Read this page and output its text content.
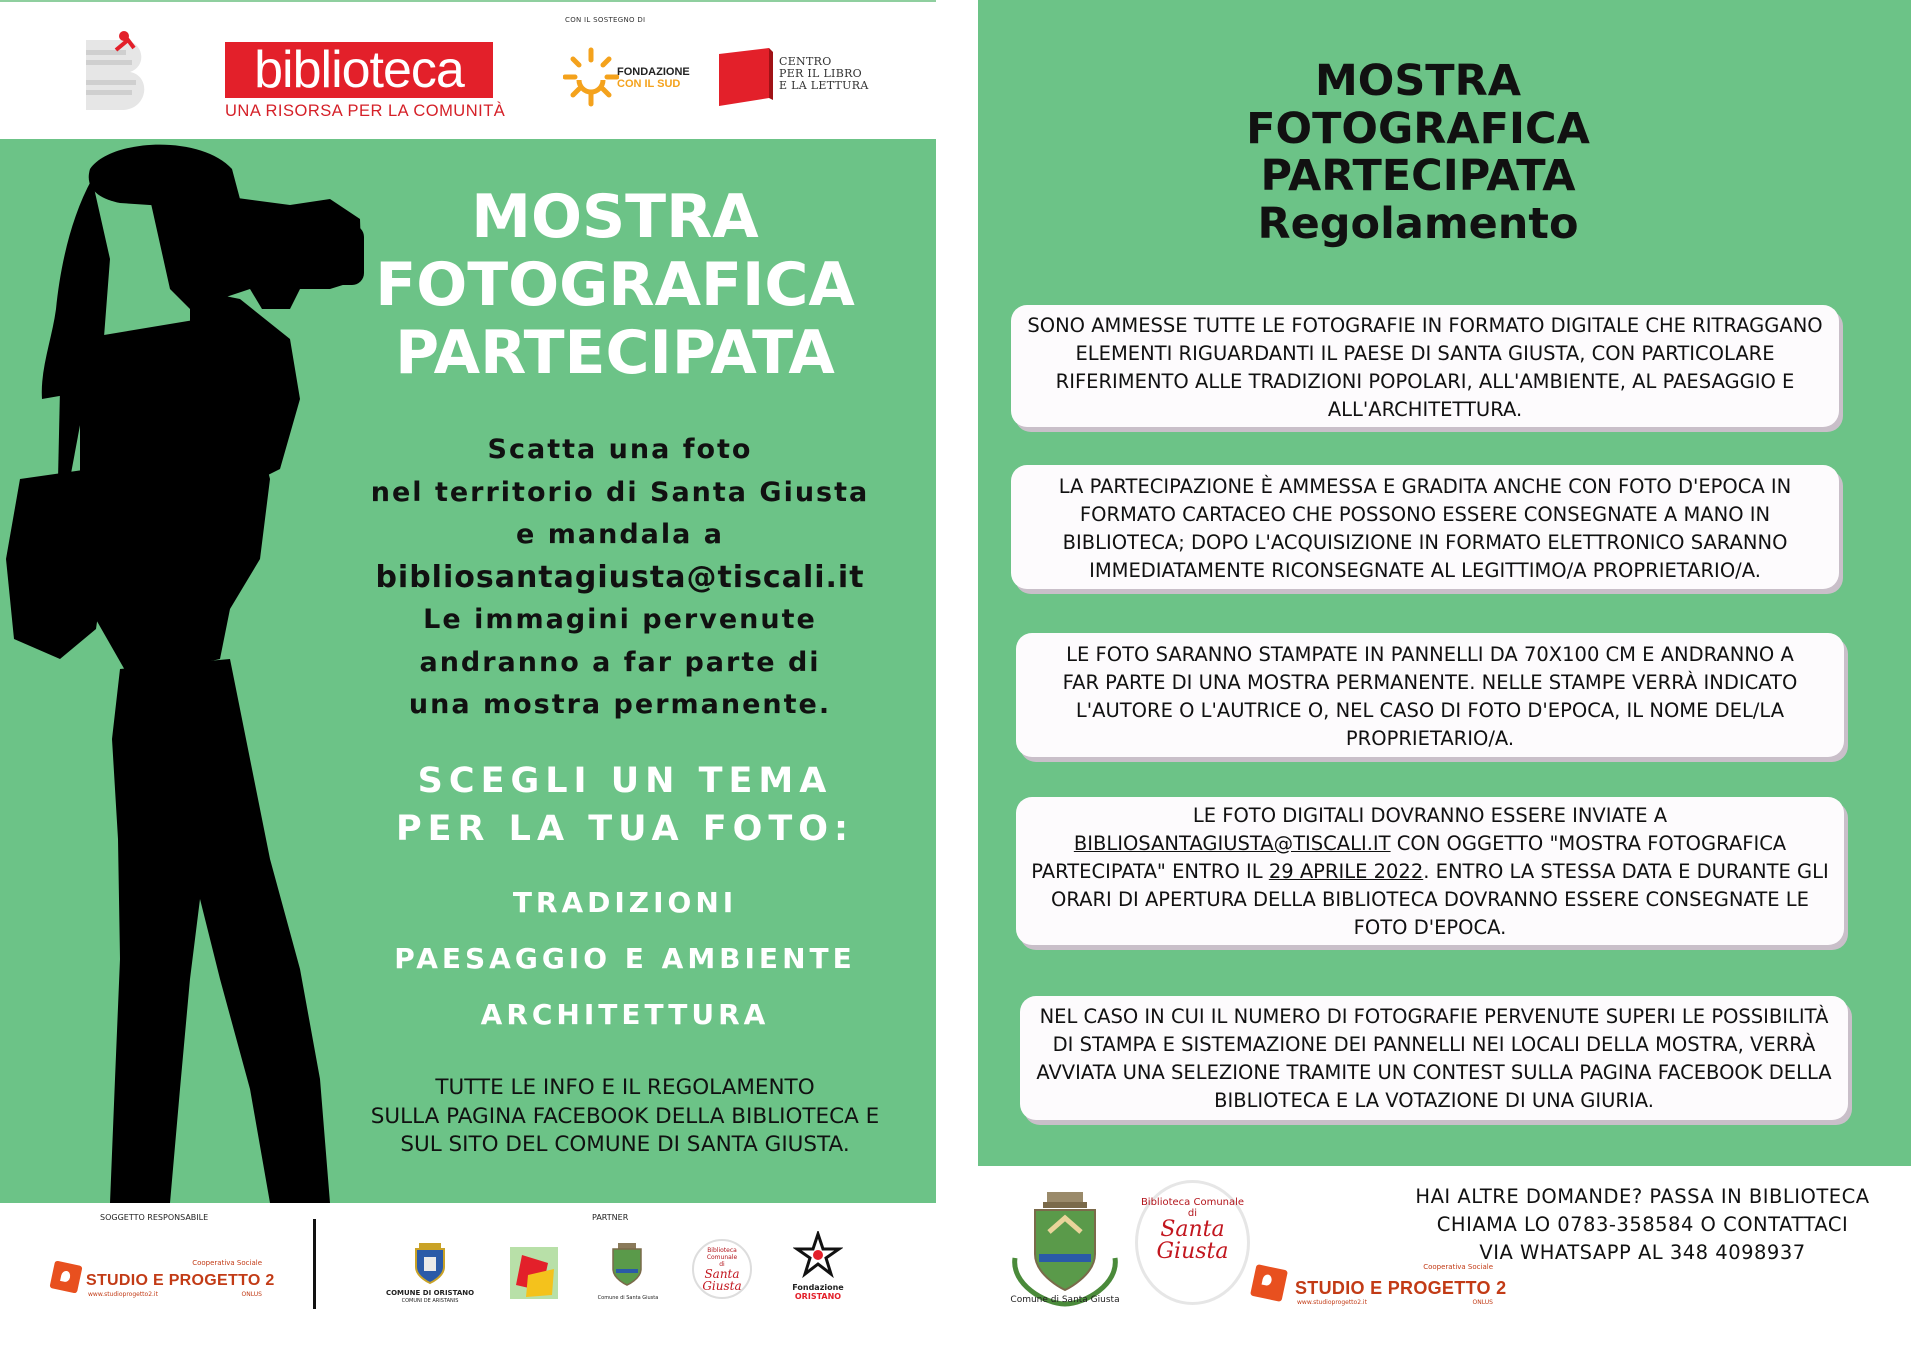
biblioteca
UNA RISORSA PER LA COMUNITÀ
CON IL SOSTEGNO DI
FONDAZIONE
CON IL SUD
CENTRO
PER IL LIBRO
E LA LETTURA
MOSTRA
FOTOGRAFICA
PARTECIPATA
Scatta una foto
nel territorio di Santa Giusta
e mandala a
bibliosantagiusta@tiscali.it
Le immagini pervenute
andranno a far parte di
una mostra permanente.
SCEGLI UN TEMA
PER LA TUA FOTO:
TRADIZIONI
PAESAGGIO E AMBIENTE
ARCHITETTURA
TUTTE LE INFO E IL REGOLAMENTO
SULLA PAGINA FACEBOOK DELLA BIBLIOTECA E
SUL SITO DEL COMUNE DI SANTA GIUSTA.
SOGGETTO RESPONSABILE	PARTNER
Cooperativa Sociale
STUDIO E PROGETTO 2
www.studioprogetto2.it	ONLUS	COMUNE DI ORISTANO
COMUNI DE ARISTANIS	Comune di Santa Giusta
Biblioteca Comunale
di
Santa
Giusta	Fondazione
ORISTANO
MOSTRA
FOTOGRAFICA
PARTECIPATA
Regolamento
SONO AMMESSE TUTTE LE FOTOGRAFIE IN FORMATO DIGITALE CHE RITRAGGANO ELEMENTI RIGUARDANTI IL PAESE DI SANTA GIUSTA, CON PARTICOLARE RIFERIMENTO ALLE TRADIZIONI POPOLARI, ALL'AMBIENTE, AL PAESAGGIO E ALL'ARCHITETTURA.
LA PARTECIPAZIONE È AMMESSA E GRADITA ANCHE CON FOTO D'EPOCA IN FORMATO CARTACEO CHE POSSONO ESSERE CONSEGNATE A MANO IN BIBLIOTECA; DOPO L'ACQUISIZIONE IN FORMATO ELETTRONICO SARANNO IMMEDIATAMENTE RICONSEGNATE AL LEGITTIMO/A PROPRIETARIO/A.
LE FOTO SARANNO STAMPATE IN PANNELLI DA 70X100 CM E ANDRANNO A FAR PARTE DI UNA MOSTRA PERMANENTE. NELLE STAMPE VERRÀ INDICATO L'AUTORE O L'AUTRICE O, NEL CASO DI FOTO D'EPOCA, IL NOME DEL/LA PROPRIETARIO/A.
LE FOTO DIGITALI DOVRANNO ESSERE INVIATE A
BIBLIOSANTAGIUSTA@TISCALI.IT CON OGGETTO "MOSTRA FOTOGRAFICA PARTECIPATA" ENTRO IL 29 APRILE 2022. ENTRO LA STESSA DATA E DURANTE GLI ORARI DI APERTURA DELLA BIBLIOTECA DOVRANNO ESSERE CONSEGNATE LE FOTO D'EPOCA.
NEL CASO IN CUI IL NUMERO DI FOTOGRAFIE PERVENUTE SUPERI LE POSSIBILITÀ DI STAMPA E SISTEMAZIONE DEI PANNELLI NEI LOCALI DELLA MOSTRA, VERRÀ AVVIATA UNA SELEZIONE TRAMITE UN CONTEST SULLA PAGINA FACEBOOK DELLA BIBLIOTECA E LA VOTAZIONE DI UNA GIURIA.
Comune di Santa Giusta
Biblioteca Comunale
di
Santa
Giusta
HAI ALTRE DOMANDE? PASSA IN BIBLIOTECA
CHIAMA LO 0783-358584 O CONTATTACI
VIA WHATSAPP AL 348 4098937
Cooperativa Sociale
STUDIO E PROGETTO 2
www.studioprogetto2.it	ONLUS
